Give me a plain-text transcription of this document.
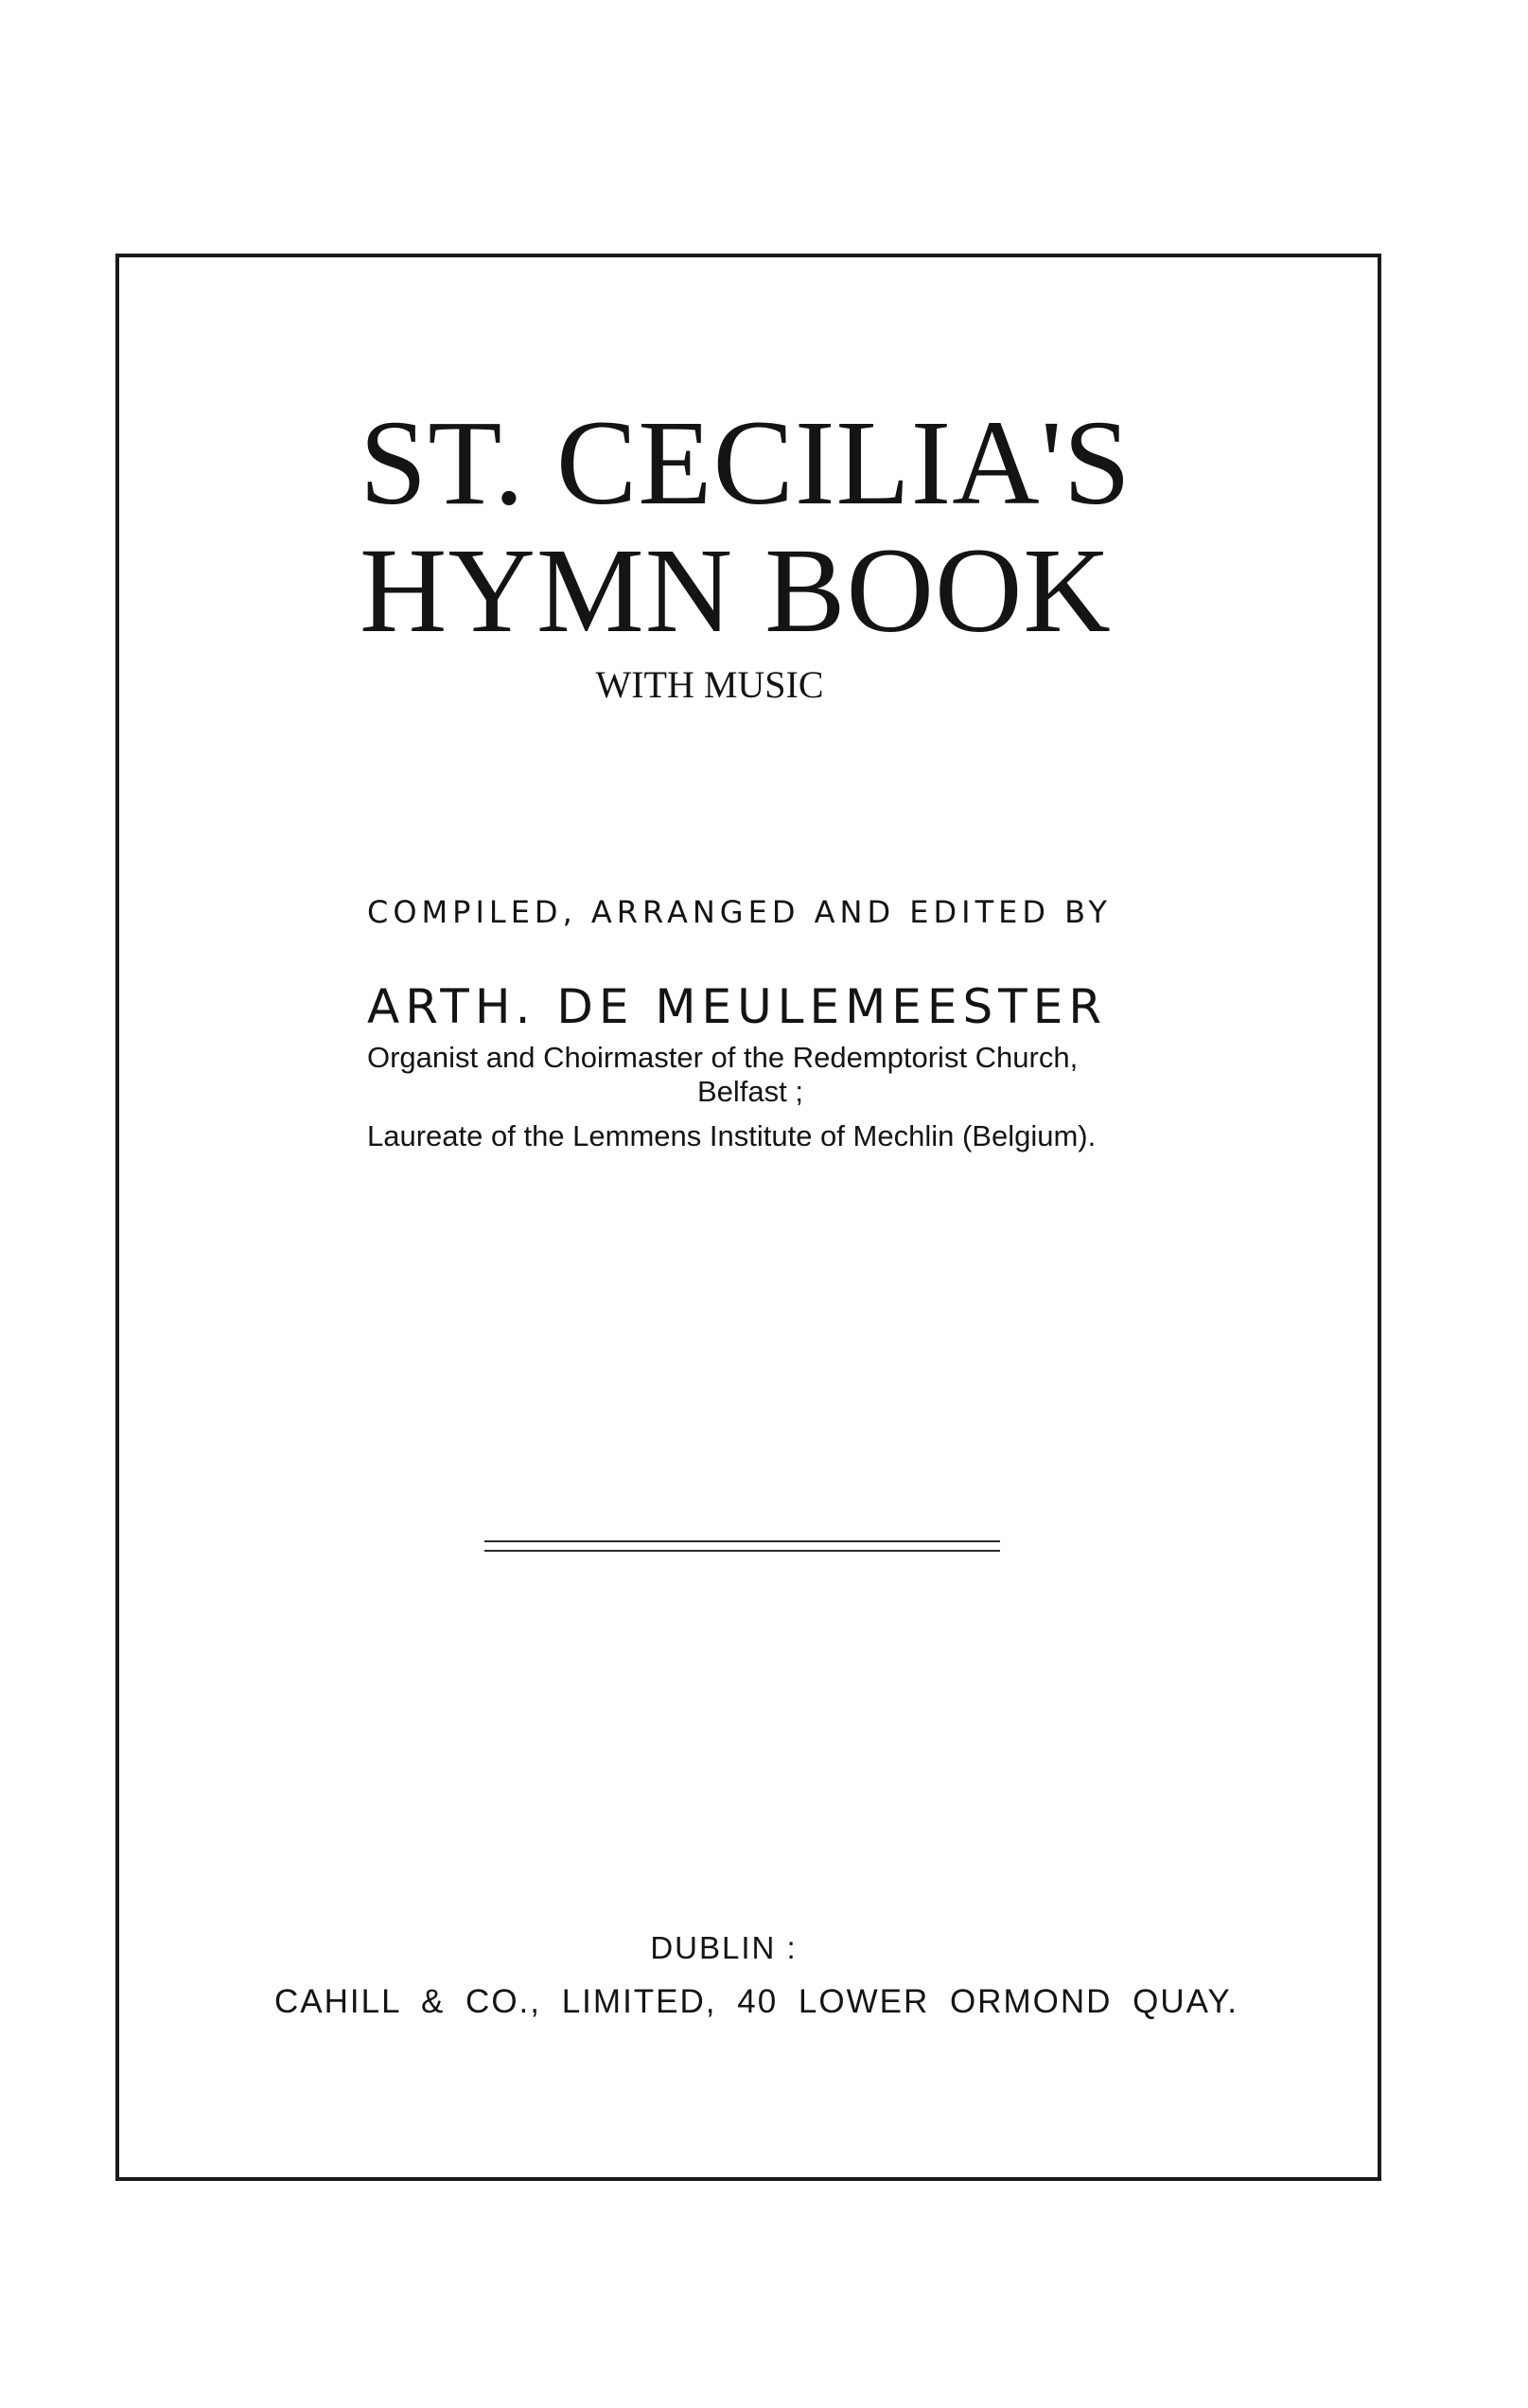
ST. CECILIA'S
HYMN BOOK
WITH MUSIC
COMPILED, ARRANGED AND EDITED BY
ARTH. DE MEULEMEESTER
Organist and Choirmaster of the Redemptorist Church,
Belfast ;
Laureate of the Lemmens Institute of Mechlin (Belgium).
DUBLIN :
CAHILL & CO., LIMITED, 40 LOWER ORMOND QUAY.
